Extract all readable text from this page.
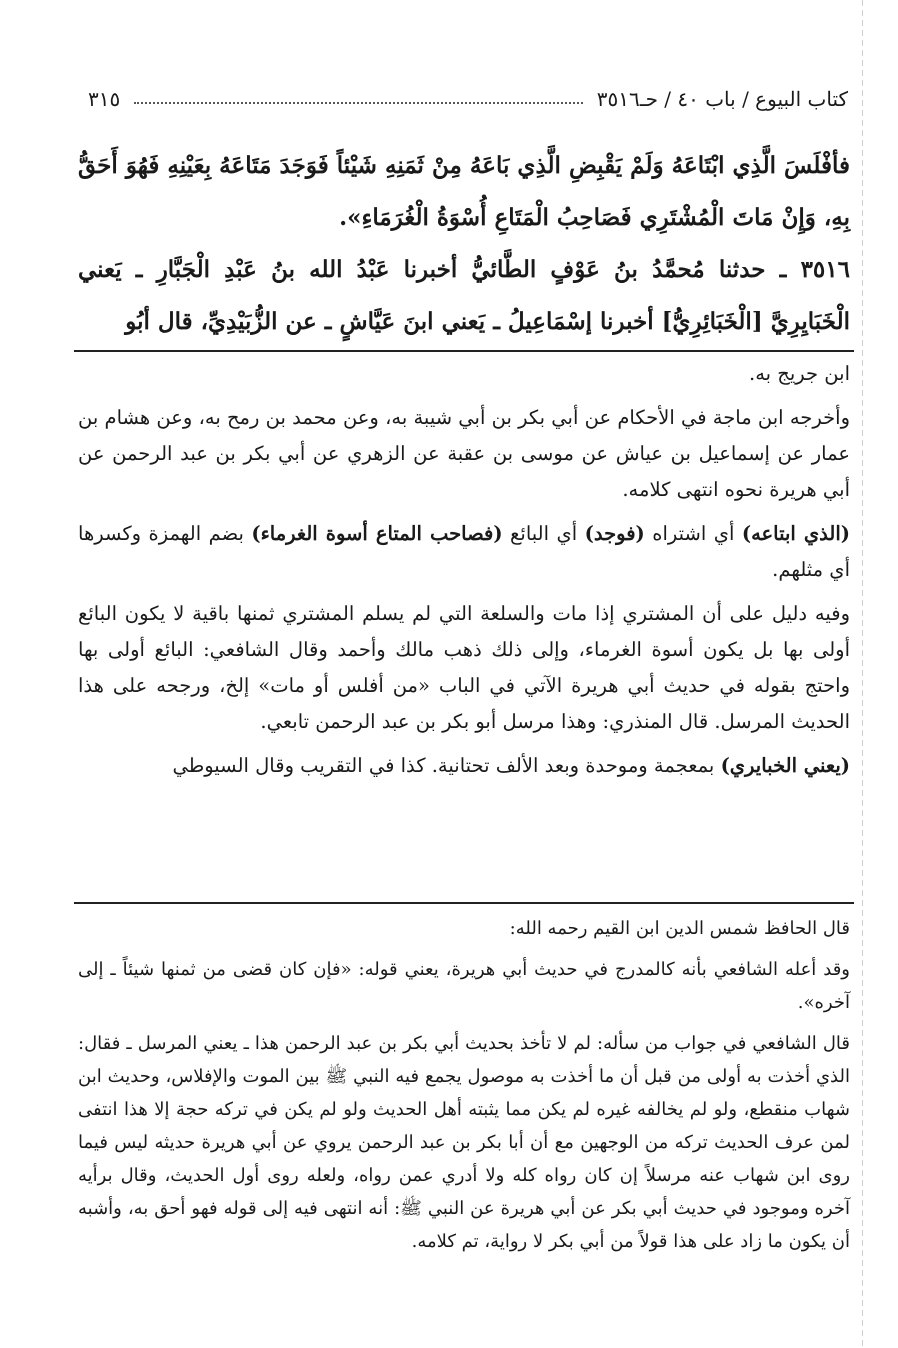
كتاب البيوع / باب ٤٠ / حـ٣٥١٦
٣١٥

فأفْلَسَ الَّذِي ابْتَاعَهُ وَلَمْ يَقْبِضِ الَّذِي بَاعَهُ مِنْ ثَمَنِهِ شَيْئاً فَوَجَدَ مَتَاعَهُ بِعَيْنِهِ فَهُوَ أَحَقُّ بِهِ، وَإِنْ مَاتَ الْمُشْتَرِي فَصَاحِبُ الْمَتَاعِ أُسْوَةُ الْغُرَمَاءِ».

٣٥١٦ ـ حدثنا مُحمَّدُ بنُ عَوْفٍ الطَّائيُّ أخبرنا عَبْدُ الله بنُ عَبْدِ الْجَبَّارِ ـ يَعني الْخَبَايِرِيَّ [الْخَبَائِرِيُّ] أخبرنا إسْمَاعِيلُ ـ يَعني ابنَ عَيَّاشٍ ـ عن الزُّبَيْدِيِّ، قال أبُو

ابن جريج به.

وأخرجه ابن ماجة في الأحكام عن أبي بكر بن أبي شيبة به، وعن محمد بن رمح به، وعن هشام بن عمار عن إسماعيل بن عياش عن موسى بن عقبة عن الزهري عن أبي بكر بن عبد الرحمن عن أبي هريرة نحوه انتهى كلامه.

(الذي ابتاعه) أي اشتراه (فوجد) أي البائع (فصاحب المتاع أسوة الغرماء) بضم الهمزة وكسرها أي مثلهم.

وفيه دليل على أن المشتري إذا مات والسلعة التي لم يسلم المشتري ثمنها باقية لا يكون البائع أولى بها بل يكون أسوة الغرماء، وإلى ذلك ذهب مالك وأحمد وقال الشافعي: البائع أولى بها واحتج بقوله في حديث أبي هريرة الآتي في الباب «من أفلس أو مات» إلخ، ورجحه على هذا الحديث المرسل. قال المنذري: وهذا مرسل أبو بكر بن عبد الرحمن تابعي.

(يعني الخبايري) بمعجمة وموحدة وبعد الألف تحتانية. كذا في التقريب وقال السيوطي

قال الحافظ شمس الدين ابن القيم رحمه الله:

وقد أعله الشافعي بأنه كالمدرج في حديث أبي هريرة، يعني قوله: «فإن كان قضى من ثمنها شيئاً ـ إلى آخره».

قال الشافعي في جواب من سأله: لم لا تأخذ بحديث أبي بكر بن عبد الرحمن هذا ـ يعني المرسل ـ فقال: الذي أخذت به أولى من قبل أن ما أخذت به موصول يجمع فيه النبي ﷺ بين الموت والإفلاس، وحديث ابن شهاب منقطع، ولو لم يخالفه غيره لم يكن مما يثبته أهل الحديث ولو لم يكن في تركه حجة إلا هذا انتفى لمن عرف الحديث تركه من الوجهين مع أن أبا بكر بن عبد الرحمن يروي عن أبي هريرة حديثه ليس فيما روى ابن شهاب عنه مرسلاً إن كان رواه كله ولا أدري عمن رواه، ولعله روى أول الحديث، وقال برأيه آخره وموجود في حديث أبي بكر عن أبي هريرة عن النبي ﷺ: أنه انتهى فيه إلى قوله فهو أحق به، وأشبه أن يكون ما زاد على هذا قولاً من أبي بكر لا رواية، تم كلامه.
